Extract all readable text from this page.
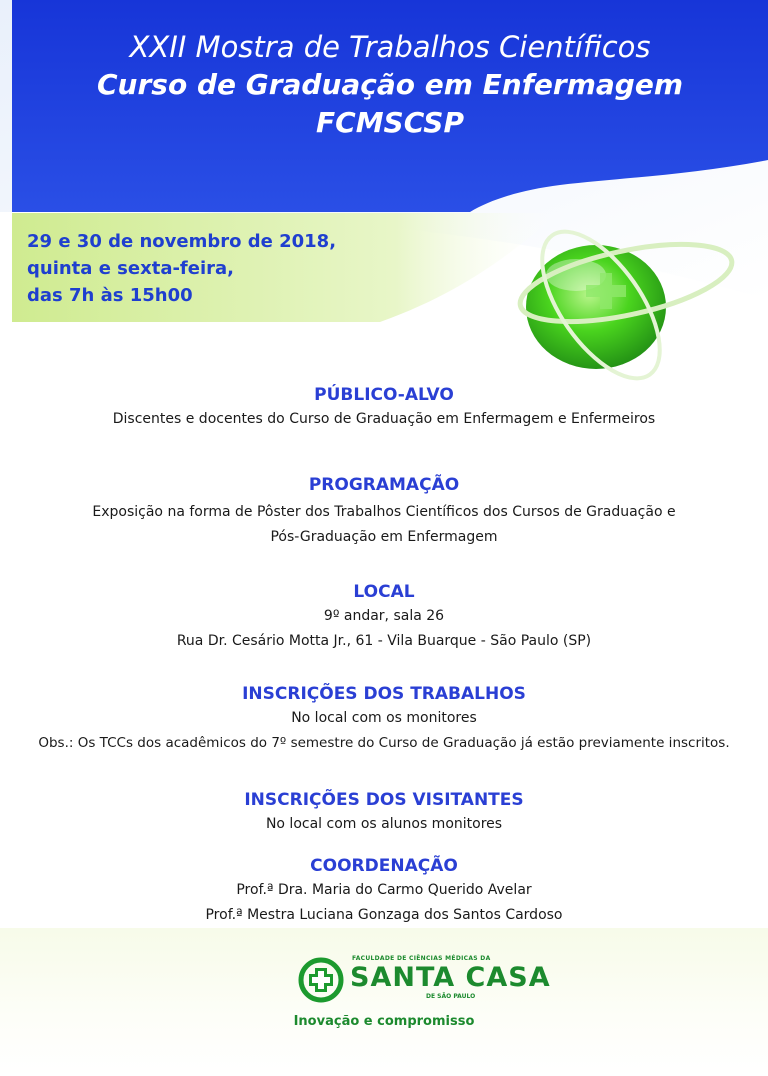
XXII Mostra de Trabalhos Científicos
Curso de Graduação em Enfermagem
FCMSCSP
29 e 30 de novembro de 2018,
quinta e sexta-feira,
das 7h às 15h00
PÚBLICO-ALVO
Discentes e docentes do Curso de Graduação em Enfermagem e Enfermeiros
PROGRAMAÇÃO
Exposição na forma de Pôster dos Trabalhos Científicos dos Cursos de Graduação e
Pós-Graduação em Enfermagem
LOCAL
9º andar, sala 26
Rua Dr. Cesário Motta Jr., 61 - Vila Buarque - São Paulo (SP)
INSCRIÇÕES DOS TRABALHOS
No local com os monitores
Obs.: Os TCCs dos acadêmicos do 7º semestre do Curso de Graduação já estão previamente inscritos.
INSCRIÇÕES DOS VISITANTES
No local com os alunos monitores
COORDENAÇÃO
Prof.ª Dra. Maria do Carmo Querido Avelar
Prof.ª Mestra Luciana Gonzaga dos Santos Cardoso
FACULDADE DE CIÊNCIAS MÉDICAS DA
SANTA CASA
DE SÃO PAULO
Inovação e compromisso
